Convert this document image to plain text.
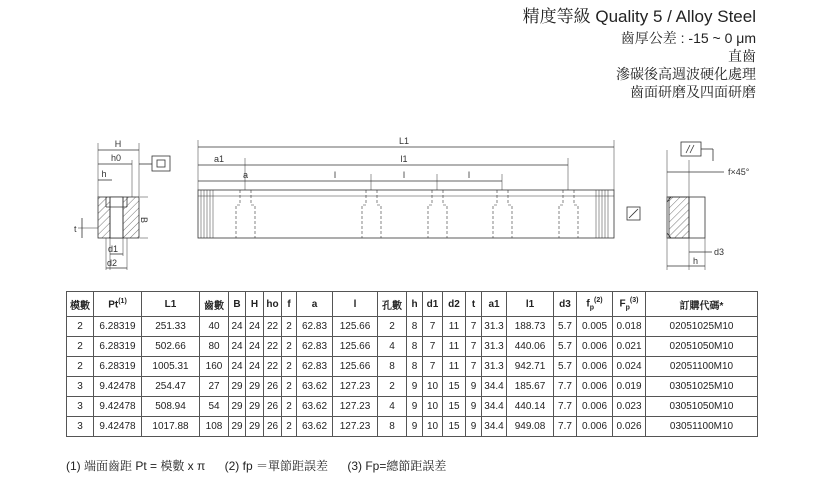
精度等級 Quality 5 / Alloy Steel
齒厚公差 : -15 ~ 0 μm
直齒
滲碳後高週波硬化處理
齒面研磨及四面研磨
H
h0
h
t
B
d1
d2
L1
a1	l1
a	l	l	l	f×45°
d3
h
模數	Pt$^{(1)}$	L1	齒數	B	H	ho	f	a	l	孔數	h	d1	d2	t	a1	l1	d3	$f_p^{(2)}$	$F_p^{(3)}$	訂購代碼*
2	6.28319	251.33	40	24	24	22	2	62.83	125.66	2	8	7	11	7	31.3	188.73	5.7	0.005	0.018	02051025M10
2	6.28319	502.66	80	24	24	22	2	62.83	125.66	4	8	7	11	7	31.3	440.06	5.7	0.006	0.021	02051050M10
2	6.28319	1005.31	160	24	24	22	2	62.83	125.66	8	8	7	11	7	31.3	942.71	5.7	0.006	0.024	02051100M10
3	9.42478	254.47	27	29	29	26	2	63.62	127.23	2	9	10	15	9	34.4	185.67	7.7	0.006	0.019	03051025M10
3	9.42478	508.94	54	29	29	26	2	63.62	127.23	4	9	10	15	9	34.4	440.14	7.7	0.006	0.023	03051050M10
3	9.42478	1017.88	108	29	29	26	2	63.62	127.23	8	9	10	15	9	34.4	949.08	7.7	0.006	0.026	03051100M10
(1) 端面齒距 Pt = 模數 x π (2) fp ＝單節距誤差 (3) Fp=總節距誤差
